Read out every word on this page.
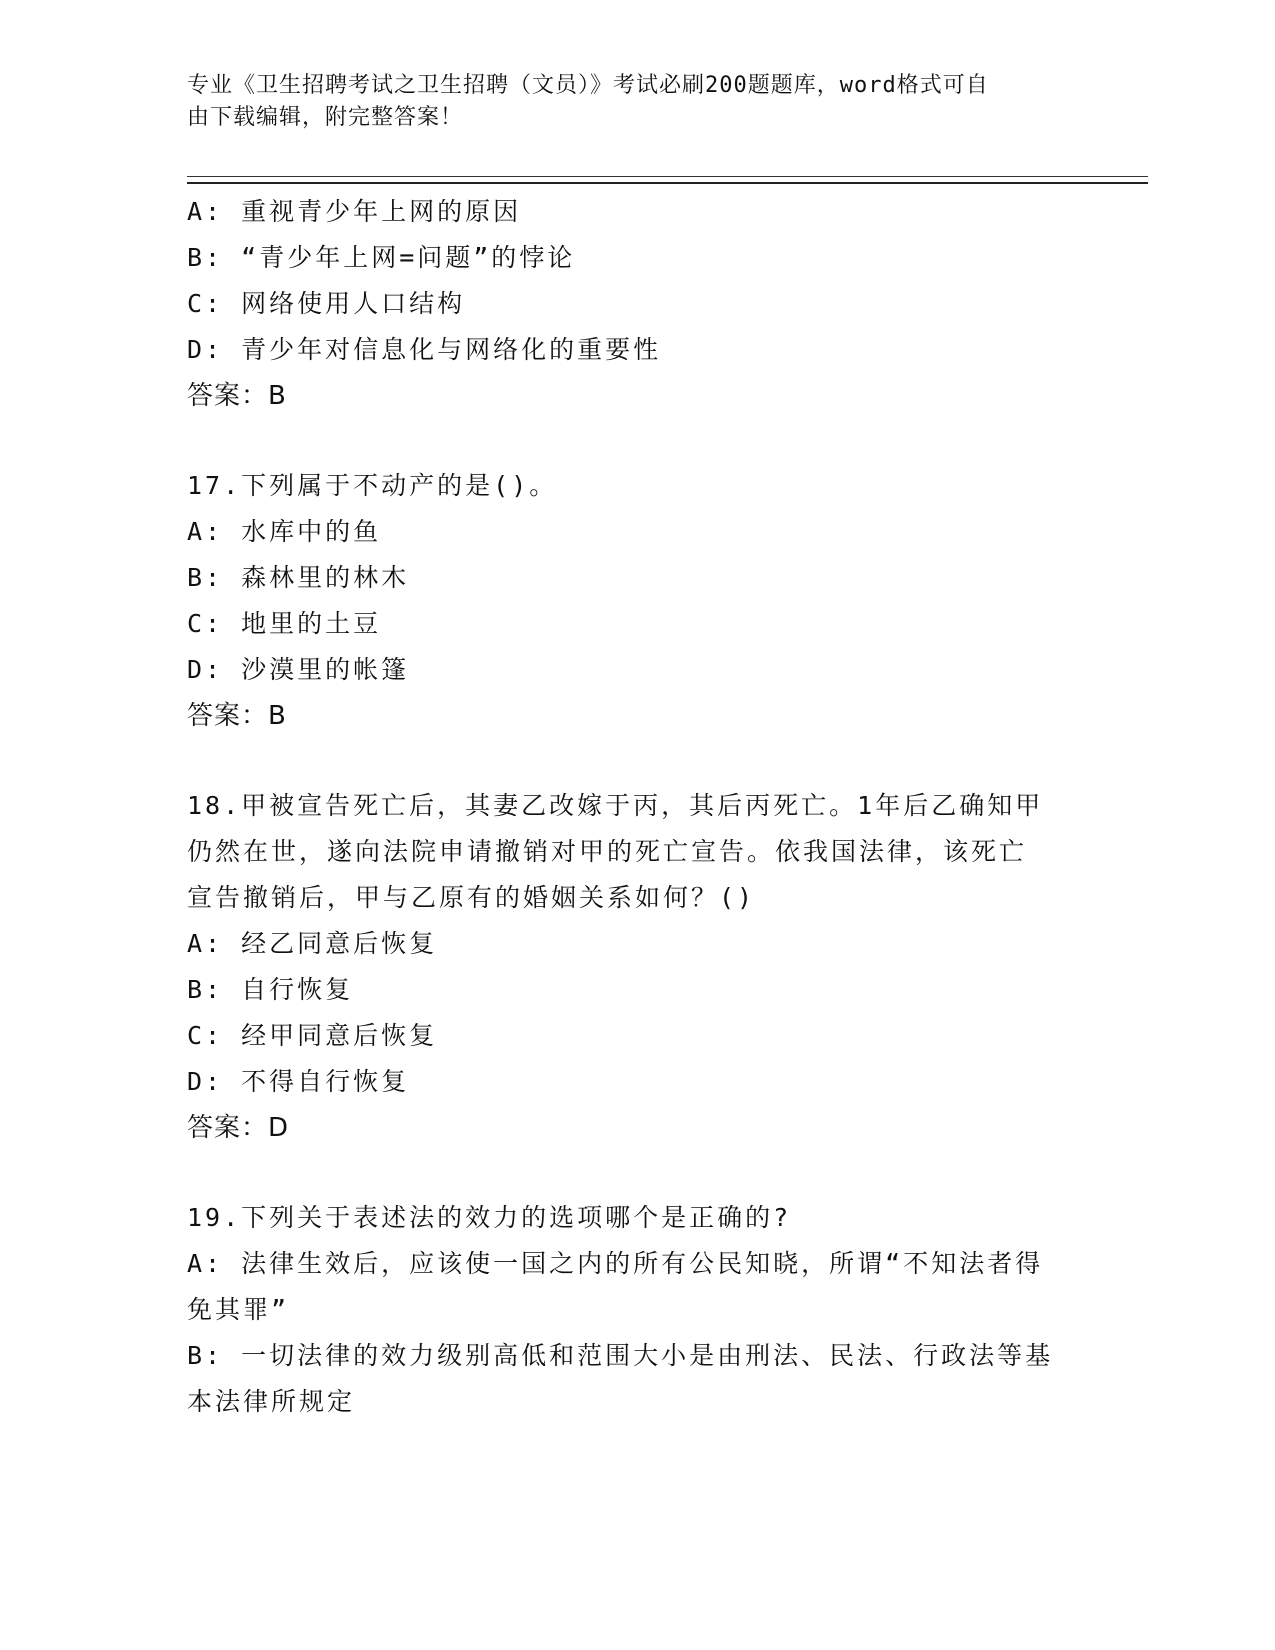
专业《卫生招聘考试之卫生招聘（文员）》考试必刷200题题库，word格式可自
由下载编辑，附完整答案！
A: 重视青少年上网的原因
B: “青少年上网=问题”的悖论
C: 网络使用人口结构
D: 青少年对信息化与网络化的重要性
答案：B
17.下列属于不动产的是()。
A: 水库中的鱼
B: 森林里的林木
C: 地里的土豆
D: 沙漠里的帐篷
答案：B
18.甲被宣告死亡后，其妻乙改嫁于丙，其后丙死亡。1年后乙确知甲
仍然在世，遂向法院申请撤销对甲的死亡宣告。依我国法律，该死亡
宣告撤销后，甲与乙原有的婚姻关系如何？()
A: 经乙同意后恢复
B: 自行恢复
C: 经甲同意后恢复
D: 不得自行恢复
答案：D
19.下列关于表述法的效力的选项哪个是正确的?
A: 法律生效后，应该使一国之内的所有公民知晓，所谓“不知法者得
免其罪”
B: 一切法律的效力级别高低和范围大小是由刑法、民法、行政法等基
本法律所规定
